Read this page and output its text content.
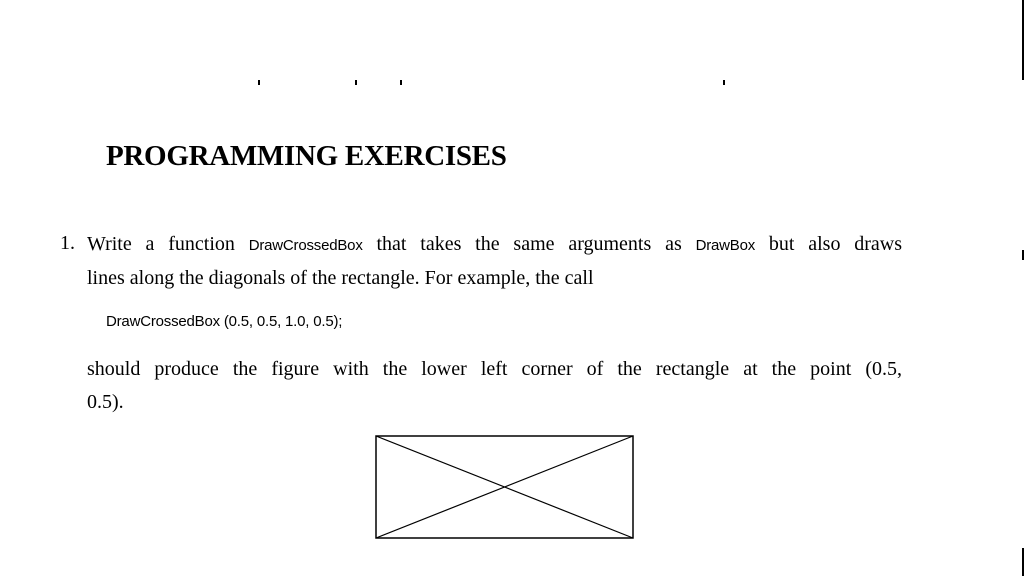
PROGRAMMING EXERCISES
1. Write a function DrawCrossedBox that takes the same arguments as DrawBox but also draws
lines along the diagonals of the rectangle. For example, the call

DrawCrossedBox (0.5, 0.5, 1.0, 0.5);

should produce the figure with the lower left corner of the rectangle at the point (0.5,
0.5).
